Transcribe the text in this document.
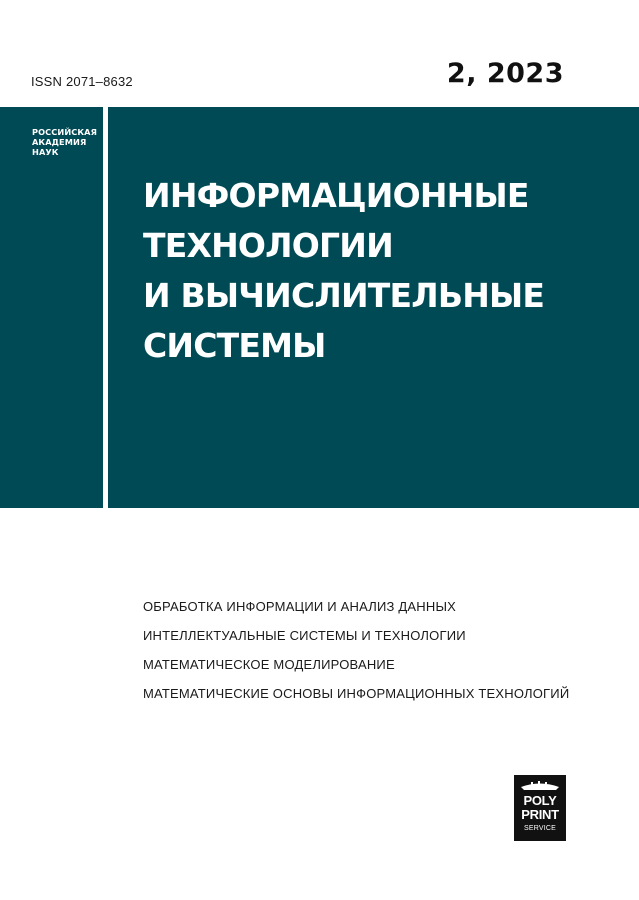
ISSN 2071–8632	2, 2023
РОССИЙСКАЯ
АКАДЕМИЯ
НАУК
ИНФОРМАЦИОННЫЕ
ТЕХНОЛОГИИ
И ВЫЧИСЛИТЕЛЬНЫЕ
СИСТЕМЫ
ОБРАБОТКА ИНФОРМАЦИИ И АНАЛИЗ ДАННЫХ
ИНТЕЛЛЕКТУАЛЬНЫЕ СИСТЕМЫ И ТЕХНОЛОГИИ
МАТЕМАТИЧЕСКОЕ МОДЕЛИРОВАНИЕ
МАТЕМАТИЧЕСКИЕ ОСНОВЫ ИНФОРМАЦИОННЫХ ТЕХНОЛОГИЙ
POLY
PRINT
SERVICE
